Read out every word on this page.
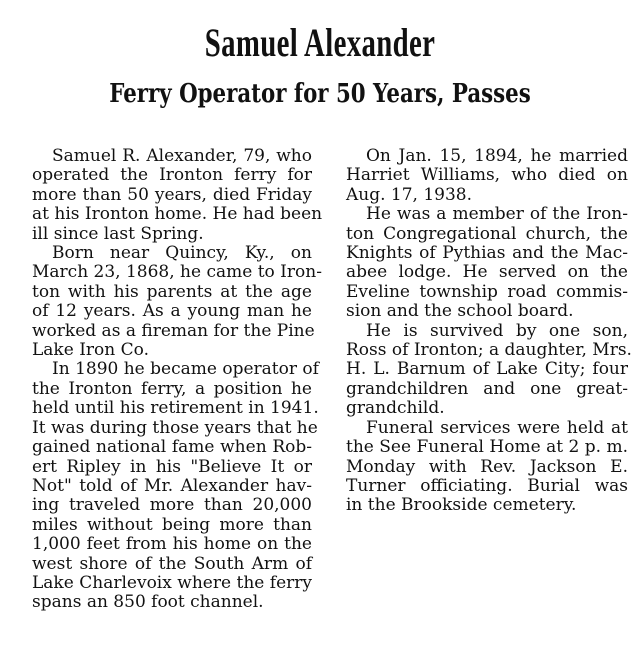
Samuel Alexander
Ferry Operator for 50 Years, Passes
Samuel R. Alexander, 79, who
operated the Ironton ferry for
more than 50 years, died Friday
at his Ironton home. He had been
ill since last Spring.
Born near Quincy, Ky., on
March 23, 1868, he came to Iron-
ton with his parents at the age
of 12 years. As a young man he
worked as a fireman for the Pine
Lake Iron Co.
In 1890 he became operator of
the Ironton ferry, a position he
held until his retirement in 1941.
It was during those years that he
gained national fame when Rob-
ert Ripley in his "Believe It or
Not" told of Mr. Alexander hav-
ing traveled more than 20,000
miles without being more than
1,000 feet from his home on the
west shore of the South Arm of
Lake Charlevoix where the ferry
spans an 850 foot channel.
On Jan. 15, 1894, he married
Harriet Williams, who died on
Aug. 17, 1938.
He was a member of the Iron-
ton Congregational church, the
Knights of Pythias and the Mac-
abee lodge. He served on the
Eveline township road commis-
sion and the school board.
He is survived by one son,
Ross of Ironton; a daughter, Mrs.
H. L. Barnum of Lake City; four
grandchildren and one great-
grandchild.
Funeral services were held at
the See Funeral Home at 2 p. m.
Monday with Rev. Jackson E.
Turner officiating. Burial was
in the Brookside cemetery.
